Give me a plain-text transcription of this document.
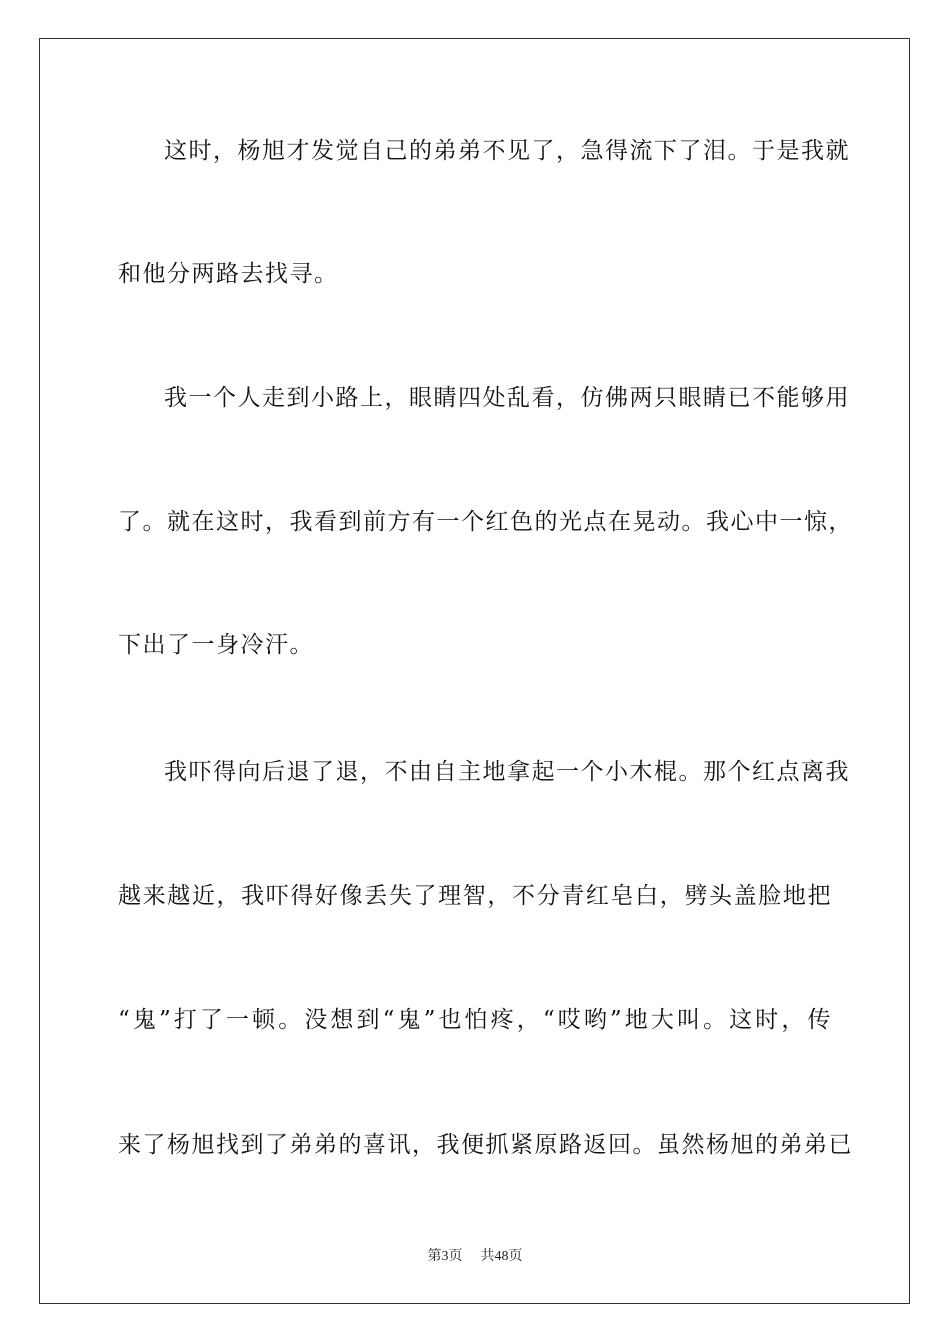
这时，杨旭才发觉自己的弟弟不见了，急得流下了泪。于是我就
和他分两路去找寻。
我一个人走到小路上，眼睛四处乱看，仿佛两只眼睛已不能够用
了。就在这时，我看到前方有一个红色的光点在晃动。我心中一惊，
下出了一身冷汗。
我吓得向后退了退，不由自主地拿起一个小木棍。那个红点离我
越来越近，我吓得好像丢失了理智，不分青红皂白，劈头盖脸地把
“鬼”打了一顿。没想到“鬼”也怕疼，“哎哟”地大叫。这时，传
来了杨旭找到了弟弟的喜讯，我便抓紧原路返回。虽然杨旭的弟弟已
第3页 共48页
